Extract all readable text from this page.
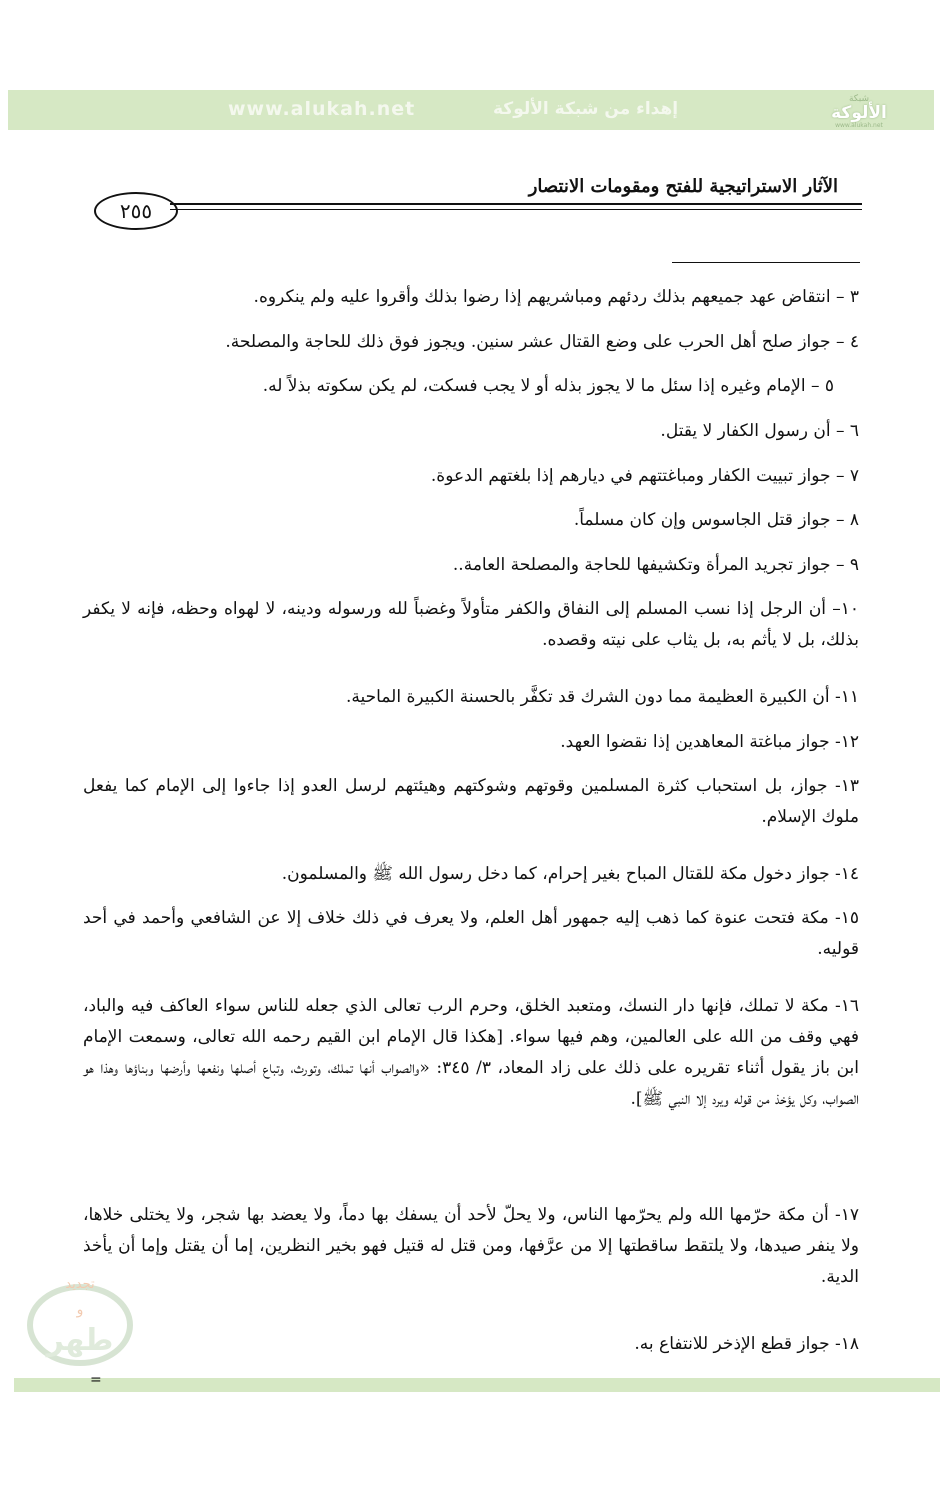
www.alukah.net	إهداء من شبكة الألوكة	شبكة
الألوكة
www.alukah.net
الآثار الاستراتيجية للفتح ومقومات الانتصار
٢٥٥
٣ – انتقاض عهد جميعهم بذلك ردئهم ومباشريهم إذا رضوا بذلك وأقروا عليه ولم ينكروه.
٤ – جواز صلح أهل الحرب على وضع القتال عشر سنين. ويجوز فوق ذلك للحاجة والمصلحة.
٥ – الإمام وغيره إذا سئل ما لا يجوز بذله أو لا يجب فسكت، لم يكن سكوته بذلاً له.
٦ – أن رسول الكفار لا يقتل.
٧ – جواز تبييت الكفار ومباغتتهم في ديارهم إذا بلغتهم الدعوة.
٨ – جواز قتل الجاسوس وإن كان مسلماً.
٩ – جواز تجريد المرأة وتكشيفها للحاجة والمصلحة العامة..
١٠– أن الرجل إذا نسب المسلم إلى النفاق والكفر متأولاً وغضباً لله ورسوله ودينه، لا لهواه وحظه، فإنه لا يكفر بذلك، بل لا يأثم به، بل يثاب على نيته وقصده.
١١- أن الكبيرة العظيمة مما دون الشرك قد تكفَّر بالحسنة الكبيرة الماحية.
١٢- جواز مباغتة المعاهدين إذا نقضوا العهد.
١٣- جواز، بل استحباب كثرة المسلمين وقوتهم وشوكتهم وهيئتهم لرسل العدو إذا جاءوا إلى الإمام كما يفعل ملوك الإسلام.
١٤- جواز دخول مكة للقتال المباح بغير إحرام، كما دخل رسول الله ﷺ والمسلمون.
١٥- مكة فتحت عنوة كما ذهب إليه جمهور أهل العلم، ولا يعرف في ذلك خلاف إلا عن الشافعي وأحمد في أحد قوليه.
١٦- مكة لا تملك، فإنها دار النسك، ومتعبد الخلق، وحرم الرب تعالى الذي جعله للناس سواء العاكف فيه والباد، فهي وقف من الله على العالمين، وهم فيها سواء. [هكذا قال الإمام ابن القيم رحمه الله تعالى، وسمعت الإمام ابن باز يقول أثناء تقريره على ذلك على زاد المعاد، ٣/ ٣٤٥: «والصواب أنها تملك، وتورث، وتباع أصلها ونفعها وأرضها وبناؤها وهذا هو الصواب، وكل يؤخذ من قوله ويرد إلا النبي ﷺ].
١٧- أن مكة حرّمها الله ولم يحرّمها الناس، ولا يحلّ لأحد أن يسفك بها دماً، ولا يعضد بها شجر، ولا يختلى خلاها، ولا ينفر صيدها، ولا يلتقط ساقطتها إلا من عرَّفها، ومن قتل له قتيل فهو بخير النظرين، إما أن يقتل وإما أن يأخذ الدية.
١٨- جواز قطع الإذخر للانتفاع به.
تجديد
و
طهر
=
